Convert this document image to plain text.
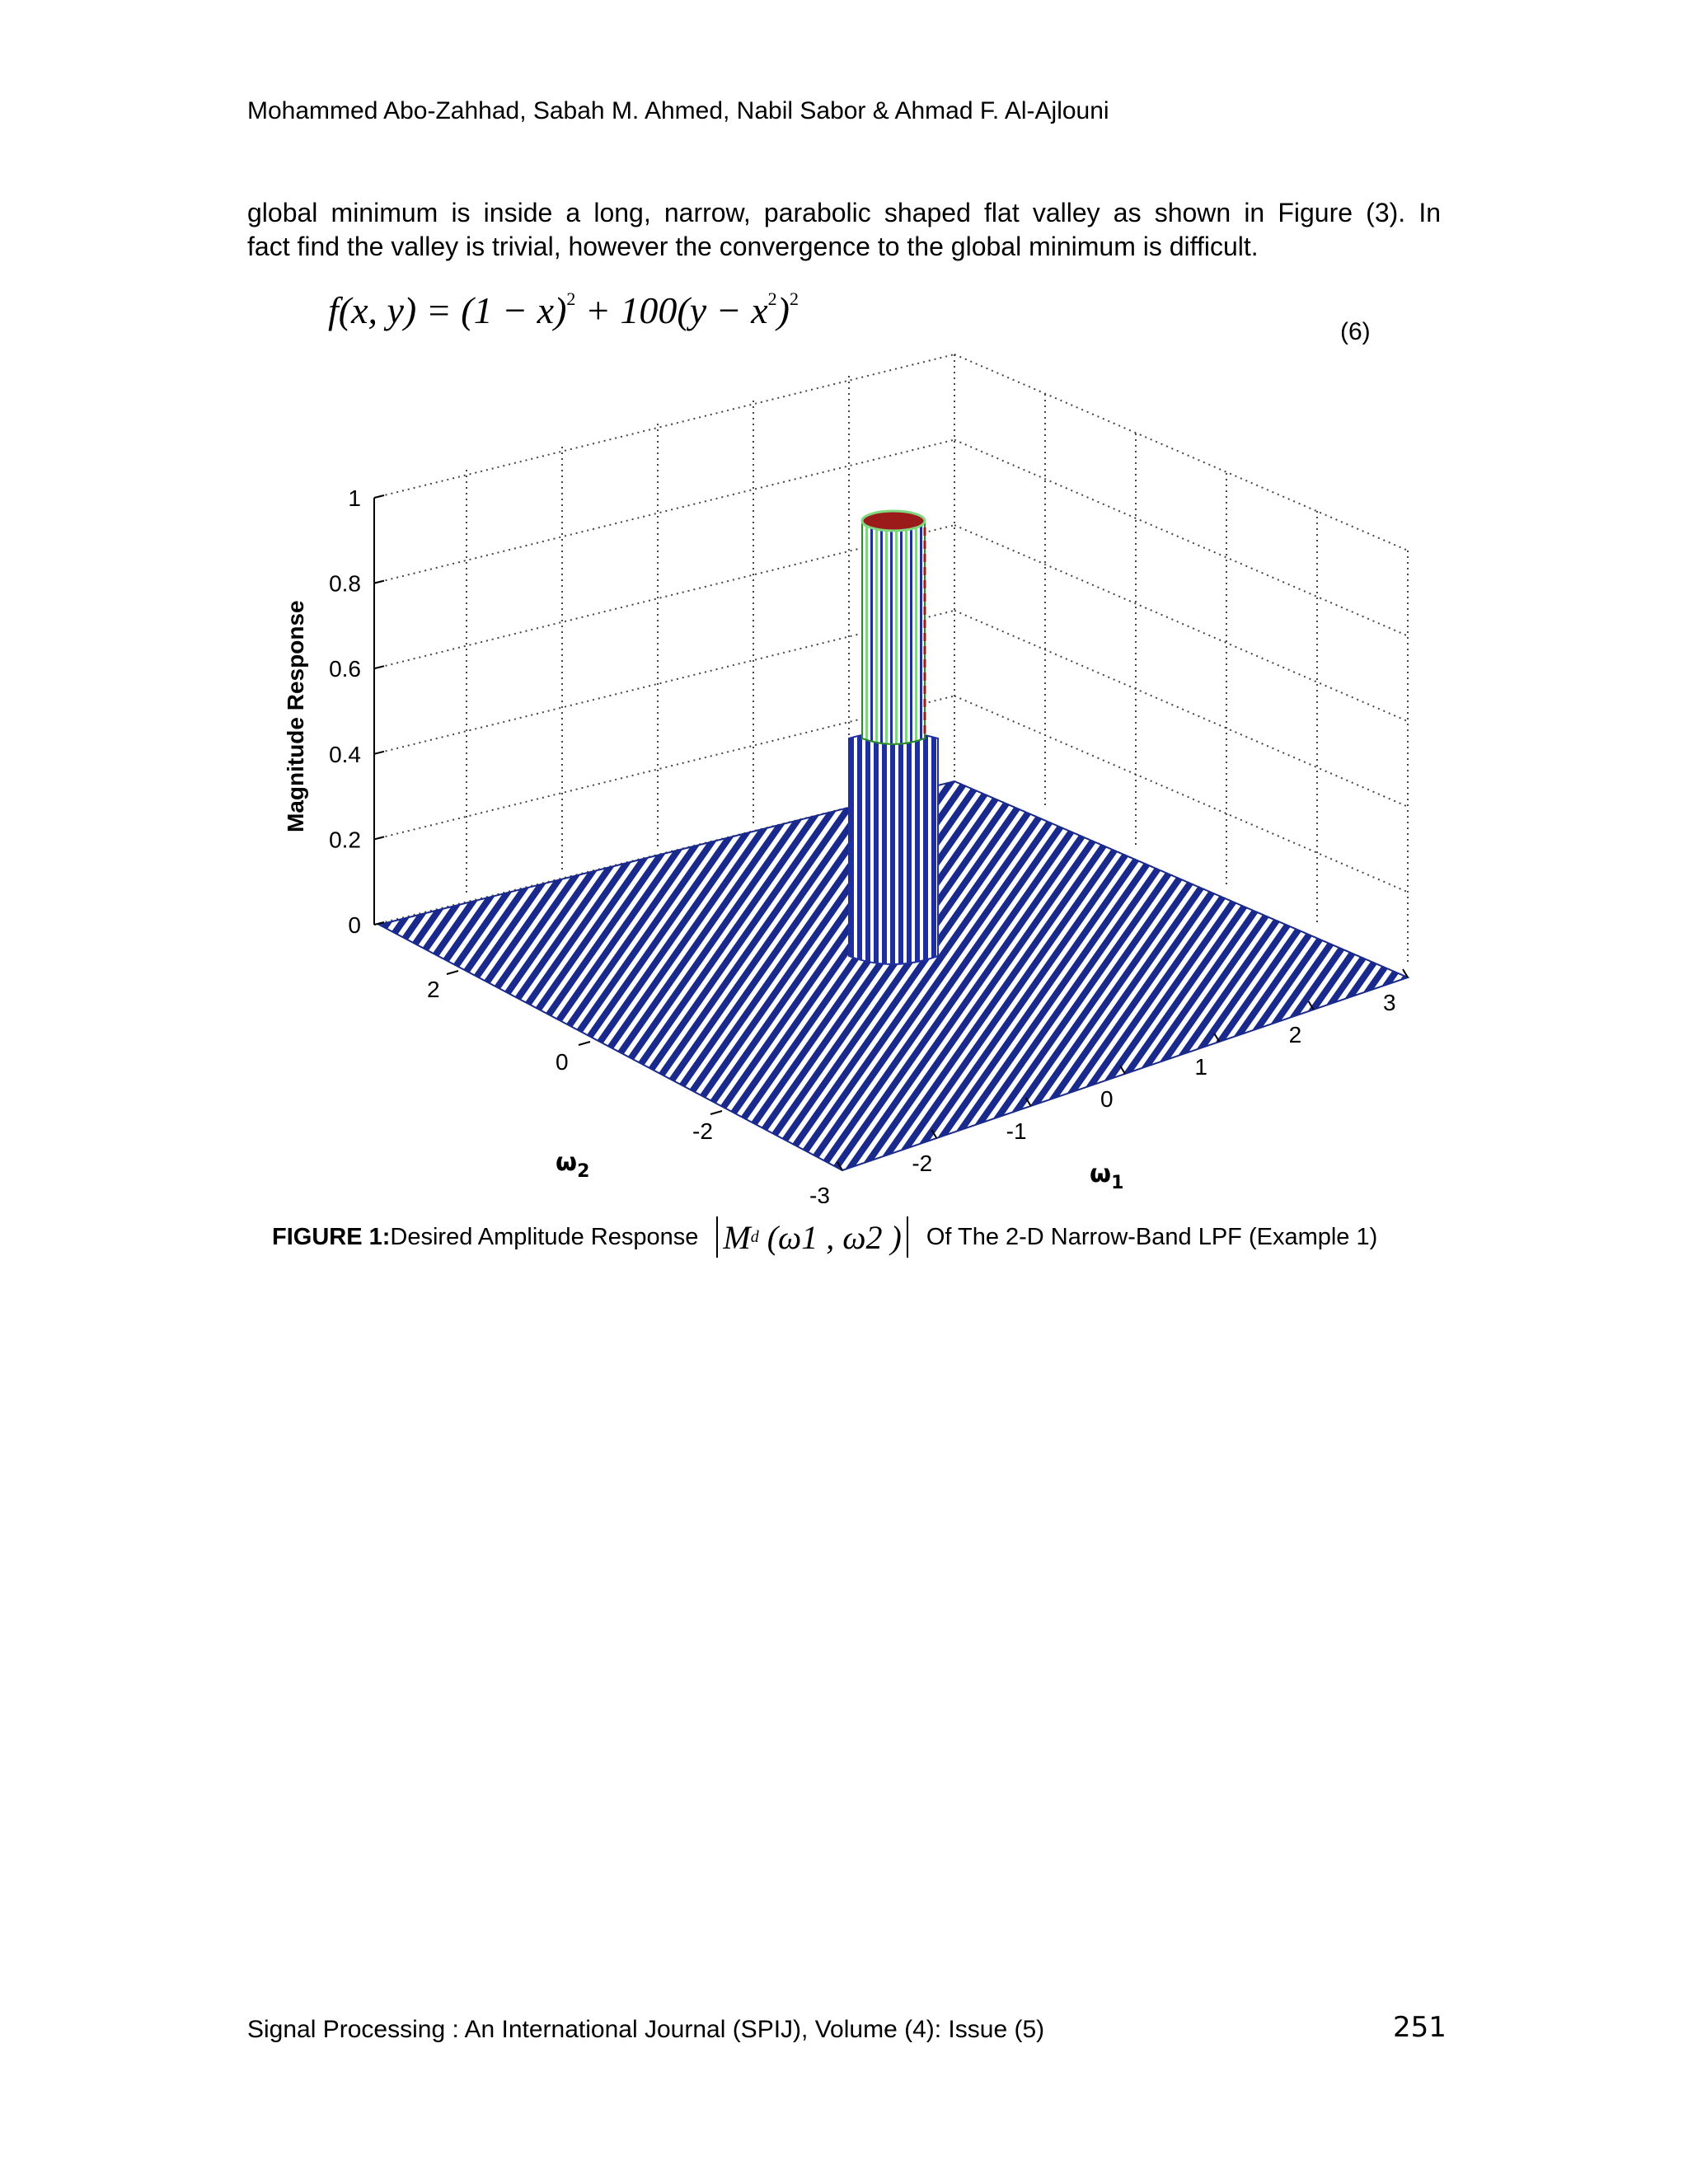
Mohammed Abo-Zahhad, Sabah M. Ahmed, Nabil Sabor & Ahmad F. Al-Ajlouni
global minimum is inside a long, narrow, parabolic shaped flat valley as shown in Figure (3). In
fact find the valley is trivial, however the convergence to the global minimum is difficult.
f(x, $y) = (1 - x)^2 + 100(y - x^2)^2$
(6)
0
0.2
0.4
0.6
0.8
1
Magnitude Response
2
0
-2
-3
-2
-1
0
1
2
3
$\omega_2$	$\omega_1$
FIGURE 1: Desired Amplitude Response M d (ω1 , ω2 ) Of The 2-D Narrow-Band LPF (Example 1)
Signal Processing : An International Journal (SPIJ), Volume (4): Issue (5)	251
